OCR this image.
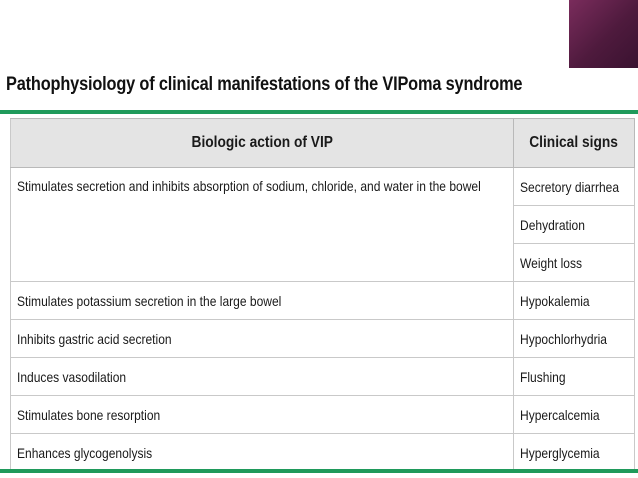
Pathophysiology of clinical manifestations of the VIPoma syndrome
Biologic action of VIP	Clinical signs
Stimulates secretion and inhibits absorption of sodium, chloride, and water in the bowel	Secretory diarrhea
	Dehydration
	Weight loss
Stimulates potassium secretion in the large bowel	Hypokalemia
Inhibits gastric acid secretion	Hypochlorhydria
Induces vasodilation	Flushing
Stimulates bone resorption	Hypercalcemia
Enhances glycogenolysis	Hyperglycemia
